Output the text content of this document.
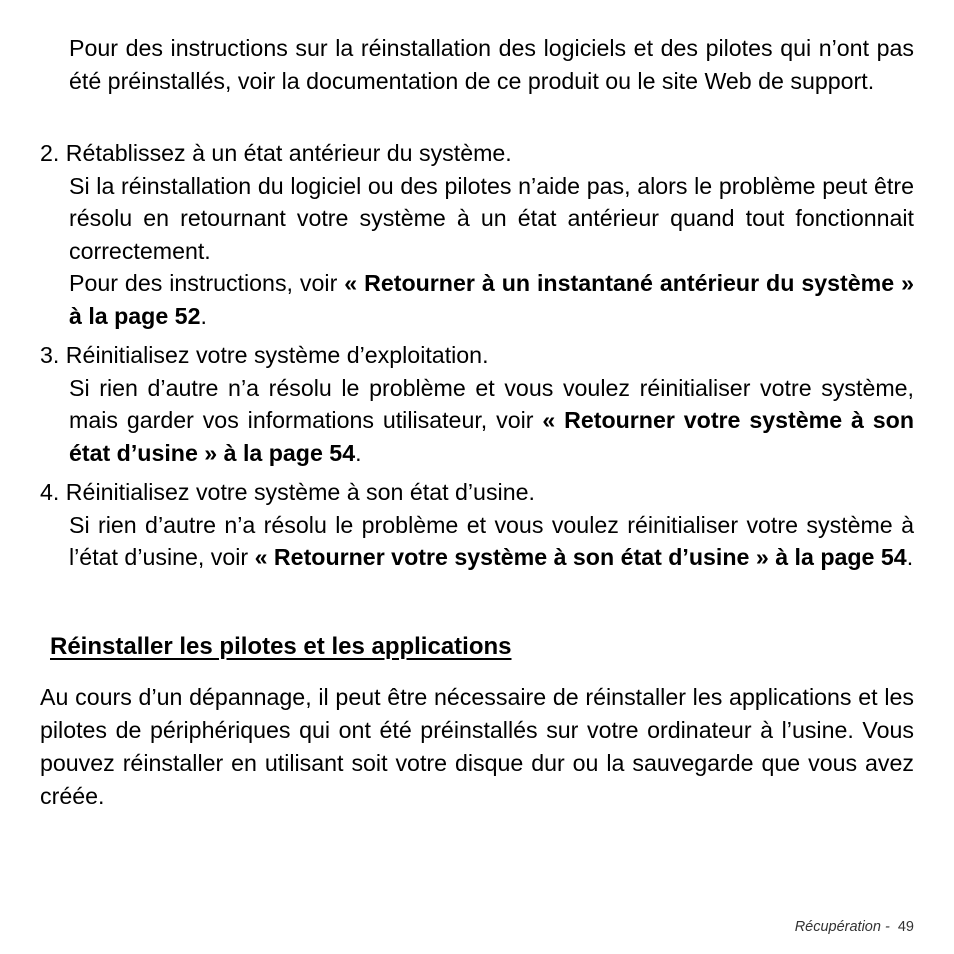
Pour des instructions sur la réinstallation des logiciels et des pilotes qui n’ont pas été préinstallés, voir la documentation de ce produit ou le site Web de support.

2. Rétablissez à un état antérieur du système.

Si la réinstallation du logiciel ou des pilotes n’aide pas, alors le problème peut être résolu en retournant votre système à un état antérieur quand tout fonctionnait correctement.

Pour des instructions, voir « Retourner à un instantané antérieur du système » à la page 52.

3. Réinitialisez votre système d’exploitation.

Si rien d’autre n’a résolu le problème et vous voulez réinitialiser votre système, mais garder vos informations utilisateur, voir « Retourner votre système à son état d’usine » à la page 54.

4. Réinitialisez votre système à son état d’usine.

Si rien d’autre n’a résolu le problème et vous voulez réinitialiser votre système à l’état d’usine, voir « Retourner votre système à son état d’usine » à la page 54.

Réinstaller les pilotes et les applications

Au cours d’un dépannage, il peut être nécessaire de réinstaller les applications et les pilotes de périphériques qui ont été préinstallés sur votre ordinateur à l’usine. Vous pouvez réinstaller en utilisant soit votre disque dur ou la sauvegarde que vous avez créée.

Récupération - 49
